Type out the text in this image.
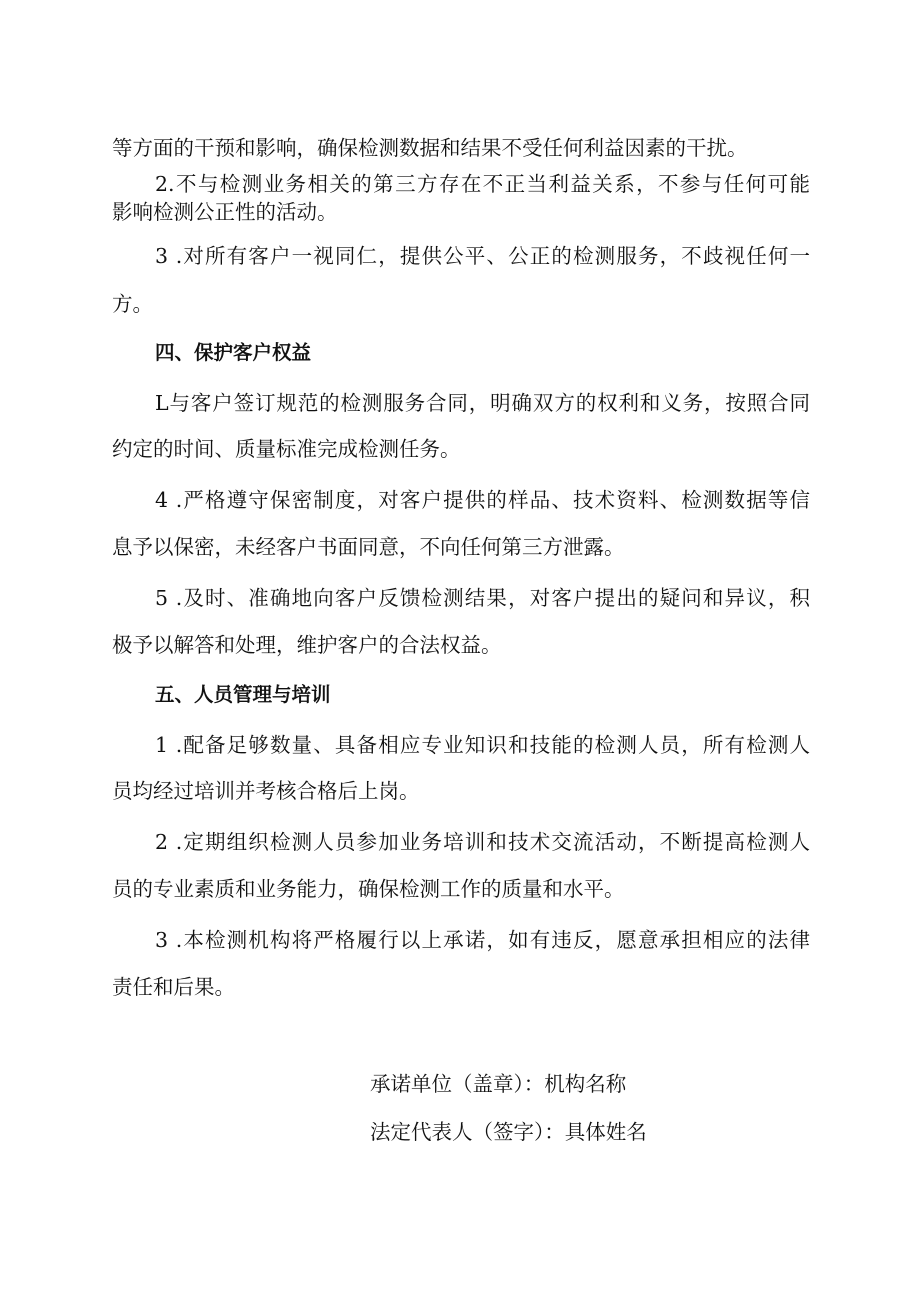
等方面的干预和影响，确保检测数据和结果不受任何利益因素的干扰。
2.不与检测业务相关的第三方存在不正当利益关系，不参与任何可能
影响检测公正性的活动。
3 .对所有客户一视同仁，提供公平、公正的检测服务，不歧视任何一
方。
四、保护客户权益
L与客户签订规范的检测服务合同，明确双方的权利和义务，按照合同
约定的时间、质量标准完成检测任务。
4 .严格遵守保密制度，对客户提供的样品、技术资料、检测数据等信
息予以保密，未经客户书面同意，不向任何第三方泄露。
5 .及时、准确地向客户反馈检测结果，对客户提出的疑问和异议，积
极予以解答和处理，维护客户的合法权益。
五、人员管理与培训
1 .配备足够数量、具备相应专业知识和技能的检测人员，所有检测人
员均经过培训并考核合格后上岗。
2 .定期组织检测人员参加业务培训和技术交流活动，不断提高检测人
员的专业素质和业务能力，确保检测工作的质量和水平。
3 .本检测机构将严格履行以上承诺，如有违反，愿意承担相应的法律
责任和后果。
承诺单位（盖章）：机构名称
法定代表人（签字）：具体姓名
